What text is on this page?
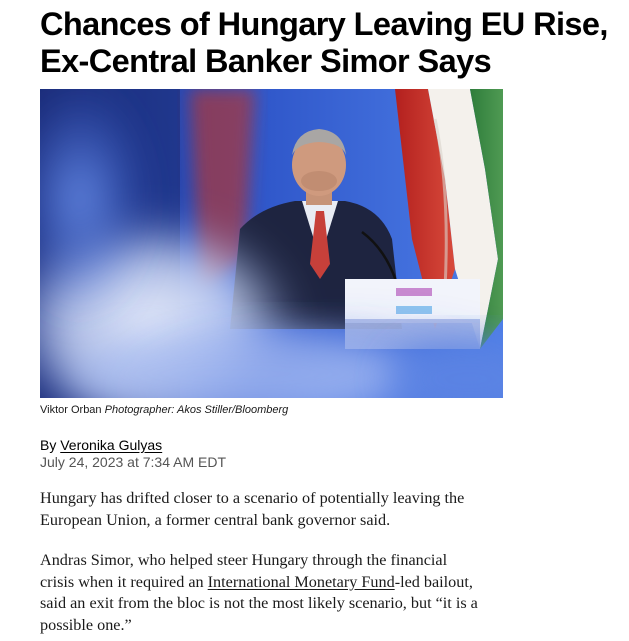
Chances of Hungary Leaving EU Rise,
Ex-Central Banker Simor Says
Viktor Orban Photographer: Akos Stiller/Bloomberg
By Veronika Gulyas
July 24, 2023 at 7:34 AM EDT

Hungary has drifted closer to a scenario of potentially leaving the
European Union, a former central bank governor said.

Andras Simor, who helped steer Hungary through the financial
crisis when it required an International Monetary Fund-led bailout,
said an exit from the bloc is not the most likely scenario, but “it is a
possible one.”
